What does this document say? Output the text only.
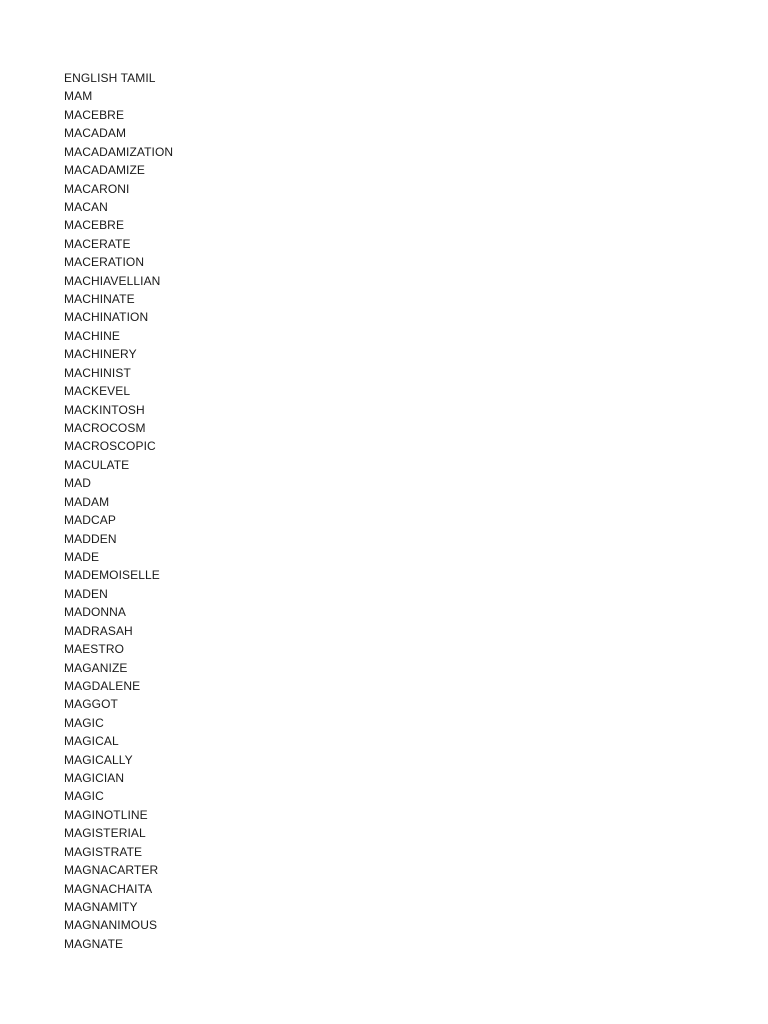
ENGLISH TAMIL
MAM
MACEBRE
MACADAM
MACADAMIZATION
MACADAMIZE
MACARONI
MACAN
MACEBRE
MACERATE
MACERATION
MACHIAVELLIAN
MACHINATE
MACHINATION
MACHINE
MACHINERY
MACHINIST
MACKEVEL
MACKINTOSH
MACROCOSM
MACROSCOPIC
MACULATE
MAD
MADAM
MADCAP
MADDEN
MADE
MADEMOISELLE
MADEN
MADONNA
MADRASAH
MAESTRO
MAGANIZE
MAGDALENE
MAGGOT
MAGIC
MAGICAL
MAGICALLY
MAGICIAN
MAGIC
MAGINOTLINE
MAGISTERIAL
MAGISTRATE
MAGNACARTER
MAGNACHAITA
MAGNAMITY
MAGNANIMOUS
MAGNATE
